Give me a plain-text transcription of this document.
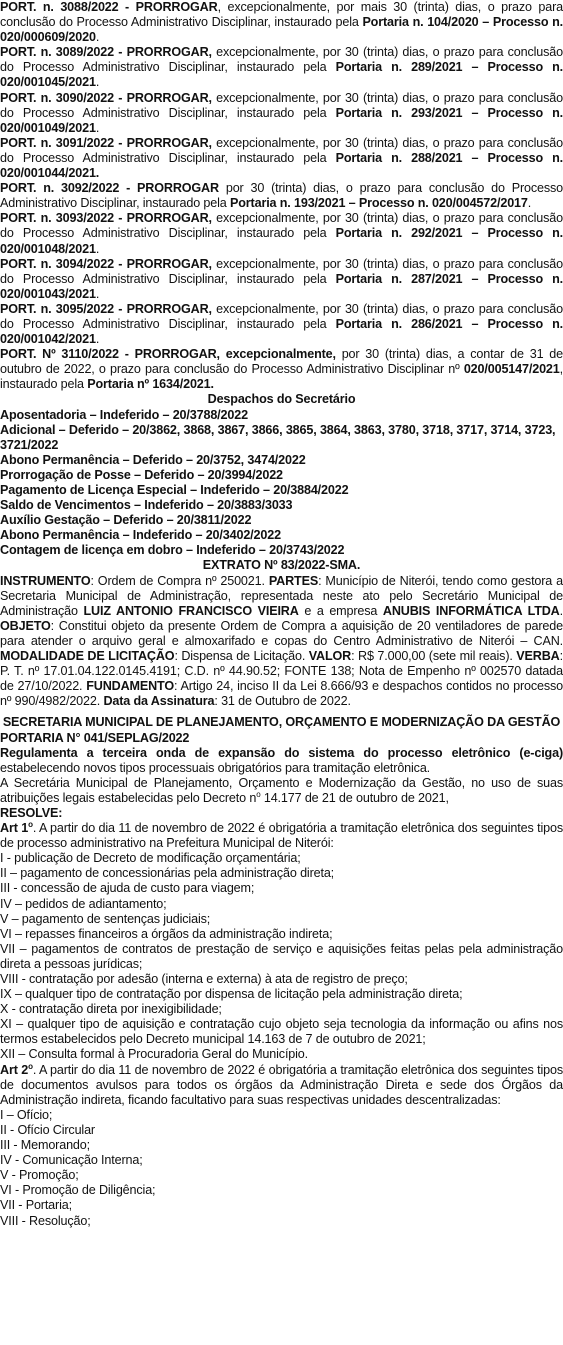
PORT. n. 3088/2022 - PRORROGAR, excepcionalmente, por mais 30 (trinta) dias, o prazo para conclusão do Processo Administrativo Disciplinar, instaurado pela Portaria n. 104/2020 – Processo n. 020/000609/2020.

PORT. n. 3089/2022 - PRORROGAR, excepcionalmente, por 30 (trinta) dias, o prazo para conclusão do Processo Administrativo Disciplinar, instaurado pela Portaria n. 289/2021 – Processo n. 020/001045/2021.

PORT. n. 3090/2022 - PRORROGAR, excepcionalmente, por 30 (trinta) dias, o prazo para conclusão do Processo Administrativo Disciplinar, instaurado pela Portaria n. 293/2021 – Processo n. 020/001049/2021.

PORT. n. 3091/2022 - PRORROGAR, excepcionalmente, por 30 (trinta) dias, o prazo para conclusão do Processo Administrativo Disciplinar, instaurado pela Portaria n. 288/2021 – Processo n. 020/001044/2021.

PORT. n. 3092/2022 - PRORROGAR por 30 (trinta) dias, o prazo para conclusão do Processo Administrativo Disciplinar, instaurado pela Portaria n. 193/2021 – Processo n. 020/004572/2017.

PORT. n. 3093/2022 - PRORROGAR, excepcionalmente, por 30 (trinta) dias, o prazo para conclusão do Processo Administrativo Disciplinar, instaurado pela Portaria n. 292/2021 – Processo n. 020/001048/2021.

PORT. n. 3094/2022 - PRORROGAR, excepcionalmente, por 30 (trinta) dias, o prazo para conclusão do Processo Administrativo Disciplinar, instaurado pela Portaria n. 287/2021 – Processo n. 020/001043/2021.

PORT. n. 3095/2022 - PRORROGAR, excepcionalmente, por 30 (trinta) dias, o prazo para conclusão do Processo Administrativo Disciplinar, instaurado pela Portaria n. 286/2021 – Processo n. 020/001042/2021.

PORT. Nº 3110/2022 - PRORROGAR, excepcionalmente, por 30 (trinta) dias, a contar de 31 de outubro de 2022, o prazo para conclusão do Processo Administrativo Disciplinar nº 020/005147/2021, instaurado pela Portaria nº 1634/2021.

Despachos do Secretário

Aposentadoria – Indeferido – 20/3788/2022

Adicional – Deferido – 20/3862, 3868, 3867, 3866, 3865, 3864, 3863, 3780, 3718, 3717, 3714, 3723, 3721/2022

Abono Permanência – Deferido – 20/3752, 3474/2022

Prorrogação de Posse – Deferido – 20/3994/2022

Pagamento de Licença Especial – Indeferido – 20/3884/2022

Saldo de Vencimentos – Indeferido – 20/3883/3033

Auxílio Gestação – Deferido – 20/3811/2022

Abono Permanência – Indeferido – 20/3402/2022

Contagem de licença em dobro – Indeferido – 20/3743/2022

EXTRATO Nº 83/2022-SMA.

INSTRUMENTO: Ordem de Compra nº 250021. PARTES: Município de Niterói, tendo como gestora a Secretaria Municipal de Administração, representada neste ato pelo Secretário Municipal de Administração LUIZ ANTONIO FRANCISCO VIEIRA e a empresa ANUBIS INFORMÁTICA LTDA. OBJETO: Constitui objeto da presente Ordem de Compra a aquisição de 20 ventiladores de parede para atender o arquivo geral e almoxarifado e copas do Centro Administrativo de Niterói – CAN. MODALIDADE DE LICITAÇÃO: Dispensa de Licitação. VALOR: R$ 7.000,00 (sete mil reais). VERBA: P. T. nº 17.01.04.122.0145.4191; C.D. nº 44.90.52; FONTE 138; Nota de Empenho nº 002570 datada de 27/10/2022. FUNDAMENTO: Artigo 24, inciso II da Lei 8.666/93 e despachos contidos no processo nº 990/4982/2022. Data da Assinatura: 31 de Outubro de 2022.

SECRETARIA MUNICIPAL DE PLANEJAMENTO, ORÇAMENTO E MODERNIZAÇÃO DA GESTÃO

PORTARIA N° 041/SEPLAG/2022

Regulamenta a terceira onda de expansão do sistema do processo eletrônico (e-ciga) estabelecendo novos tipos processuais obrigatórios para tramitação eletrônica.

A Secretária Municipal de Planejamento, Orçamento e Modernização da Gestão, no uso de suas atribuições legais estabelecidas pelo Decreto $n^o$ 14.177 de 21 de outubro de 2021,

RESOLVE:

Art 1$^o$. A partir do dia 11 de novembro de 2022 é obrigatória a tramitação eletrônica dos seguintes tipos de processo administrativo na Prefeitura Municipal de Niterói:

I - publicação de Decreto de modificação orçamentária;

II – pagamento de concessionárias pela administração direta;

III - concessão de ajuda de custo para viagem;

IV – pedidos de adiantamento;

V – pagamento de sentenças judiciais;

VI – repasses financeiros a órgãos da administração indireta;

VII – pagamentos de contratos de prestação de serviço e aquisições feitas pelas pela administração direta a pessoas jurídicas;

VIII - contratação por adesão (interna e externa) à ata de registro de preço;

IX – qualquer tipo de contratação por dispensa de licitação pela administração direta;

X - contratação direta por inexigibilidade;

XI – qualquer tipo de aquisição e contratação cujo objeto seja tecnologia da informação ou afins nos termos estabelecidos pelo Decreto municipal 14.163 de 7 de outubro de 2021;

XII – Consulta formal à Procuradoria Geral do Município.

Art 2$^o$. A partir do dia 11 de novembro de 2022 é obrigatória a tramitação eletrônica dos seguintes tipos de documentos avulsos para todos os órgãos da Administração Direta e sede dos Órgãos da Administração indireta, ficando facultativo para suas respectivas unidades descentralizadas:

I – Ofício;

II - Ofício Circular

III - Memorando;

IV - Comunicação Interna;

V - Promoção;

VI - Promoção de Diligência;

VII - Portaria;

VIII - Resolução;
